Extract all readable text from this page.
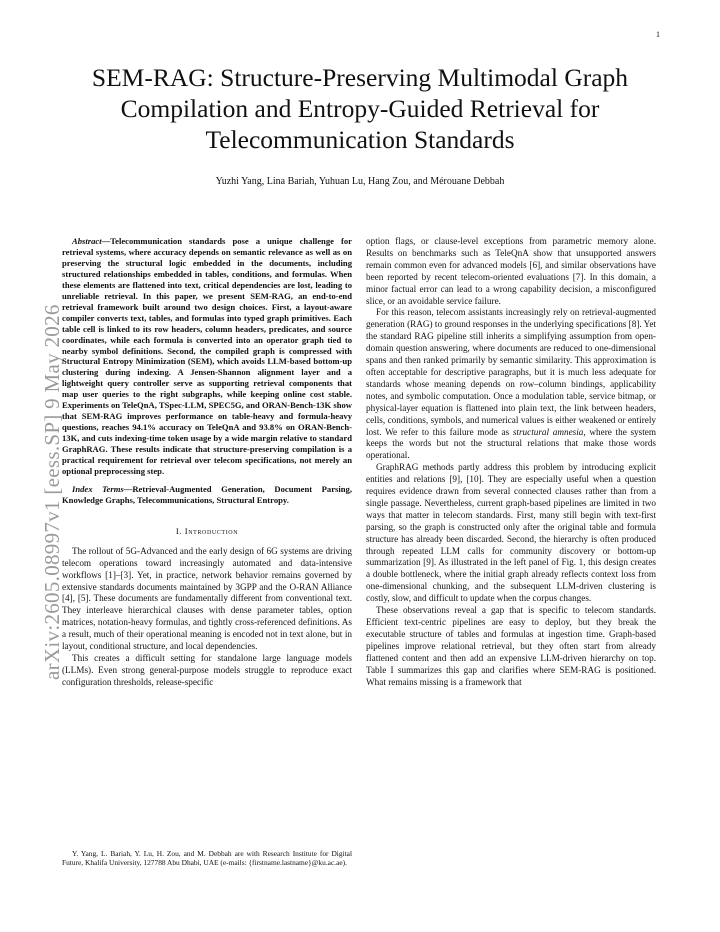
1
arXiv:2605.08997v1 [eess.SP] 9 May 2026
SEM-RAG: Structure-Preserving Multimodal Graph Compilation and Entropy-Guided Retrieval for Telecommunication Standards
Yuzhi Yang, Lina Bariah, Yuhuan Lu, Hang Zou, and Mérouane Debbah

Abstract—Telecommunication standards pose a unique challenge for retrieval systems, where accuracy depends on semantic relevance as well as on preserving the structural logic embedded in the documents, including structured relationships embedded in tables, conditions, and formulas. When these elements are flattened into text, critical dependencies are lost, leading to unreliable retrieval. In this paper, we present SEM-RAG, an end-to-end retrieval framework built around two design choices. First, a layout-aware compiler converts text, tables, and formulas into typed graph primitives. Each table cell is linked to its row headers, column headers, predicates, and source coordinates, while each formula is converted into an operator graph tied to nearby symbol definitions. Second, the compiled graph is compressed with Structural Entropy Minimization (SEM), which avoids LLM-based bottom-up clustering during indexing. A Jensen-Shannon alignment layer and a lightweight query controller serve as supporting retrieval components that map user queries to the right subgraphs, while keeping online cost stable. Experiments on TeleQnA, TSpec-LLM, SPEC5G, and ORAN-Bench-13K show that SEM-RAG improves performance on table-heavy and formula-heavy questions, reaches 94.1% accuracy on TeleQnA and 93.8% on ORAN-Bench-13K, and cuts indexing-time token usage by a wide margin relative to standard GraphRAG. These results indicate that structure-preserving compilation is a practical requirement for retrieval over telecom specifications, not merely an optional preprocessing step.

Index Terms—Retrieval-Augmented Generation, Document Parsing, Knowledge Graphs, Telecommunications, Structural Entropy.

I. Introduction

The rollout of 5G-Advanced and the early design of 6G systems are driving telecom operations toward increasingly automated and data-intensive workflows [1]–[3]. Yet, in practice, network behavior remains governed by extensive standards documents maintained by 3GPP and the O-RAN Alliance [4], [5]. These documents are fundamentally different from conventional text. They interleave hierarchical clauses with dense parameter tables, option matrices, notation-heavy formulas, and tightly cross-referenced definitions. As a result, much of their operational meaning is encoded not in text alone, but in layout, conditional structure, and local dependencies.

This creates a difficult setting for standalone large language models (LLMs). Even strong general-purpose models struggle to reproduce exact configuration thresholds, release-specific

option flags, or clause-level exceptions from parametric memory alone. Results on benchmarks such as TeleQnA show that unsupported answers remain common even for advanced models [6], and similar observations have been reported by recent telecom-oriented evaluations [7]. In this domain, a minor factual error can lead to a wrong capability decision, a misconfigured slice, or an avoidable service failure.

For this reason, telecom assistants increasingly rely on retrieval-augmented generation (RAG) to ground responses in the underlying specifications [8]. Yet the standard RAG pipeline still inherits a simplifying assumption from open-domain question answering, where documents are reduced to one-dimensional spans and then ranked primarily by semantic similarity. This approximation is often acceptable for descriptive paragraphs, but it is much less adequate for standards whose meaning depends on row–column bindings, applicability notes, and symbolic computation. Once a modulation table, service bitmap, or physical-layer equation is flattened into plain text, the link between headers, cells, conditions, symbols, and numerical values is either weakened or entirely lost. We refer to this failure mode as structural amnesia, where the system keeps the words but not the structural relations that make those words operational.

GraphRAG methods partly address this problem by introducing explicit entities and relations [9], [10]. They are especially useful when a question requires evidence drawn from several connected clauses rather than from a single passage. Nevertheless, current graph-based pipelines are limited in two ways that matter in telecom standards. First, many still begin with text-first parsing, so the graph is constructed only after the original table and formula structure has already been discarded. Second, the hierarchy is often produced through repeated LLM calls for community discovery or bottom-up summarization [9]. As illustrated in the left panel of Fig. 1, this design creates a double bottleneck, where the initial graph already reflects context loss from one-dimensional chunking, and the subsequent LLM-driven clustering is costly, slow, and difficult to update when the corpus changes.

These observations reveal a gap that is specific to telecom standards. Efficient text-centric pipelines are easy to deploy, but they break the executable structure of tables and formulas at ingestion time. Graph-based pipelines improve relational retrieval, but they often start from already flattened content and then add an expensive LLM-driven hierarchy on top. Table I summarizes this gap and clarifies where SEM-RAG is positioned. What remains missing is a framework that

Y. Yang, L. Bariah, Y. Lu, H. Zou, and M. Debbah are with Research Institute for Digital Future, Khalifa University, 127788 Abu Dhabi, UAE (e-mails: {firstname.lastname}@ku.ac.ae).
